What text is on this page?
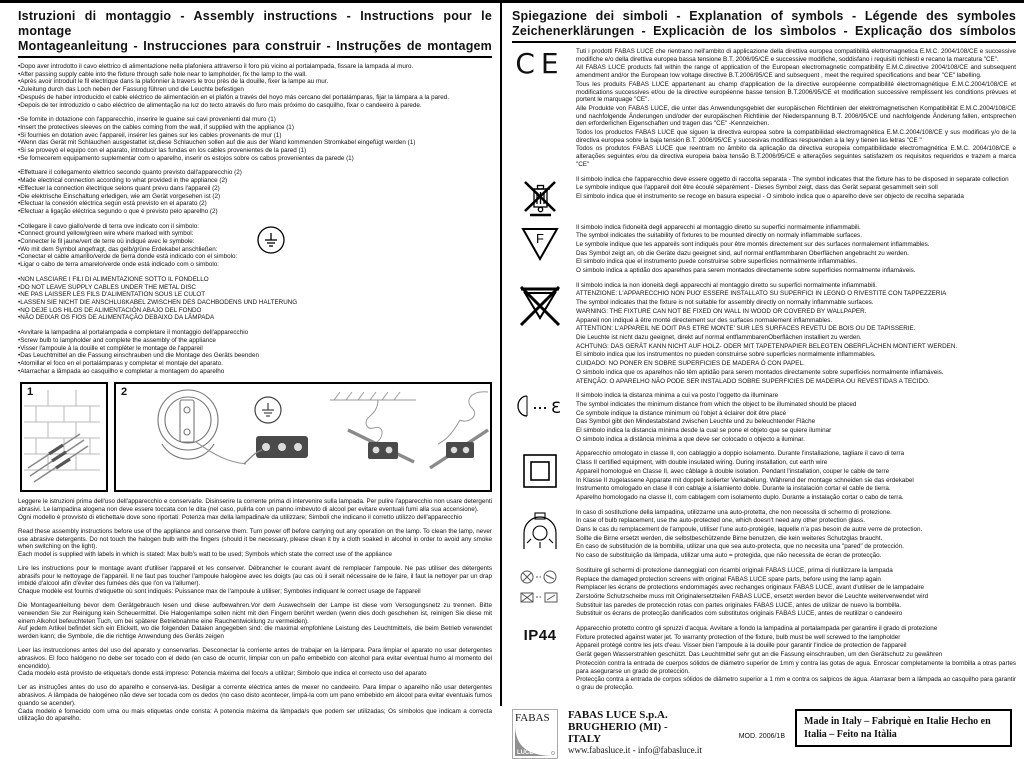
Istruzioni di montaggio - Assembly instructions - Instructions pour le montage
Montageanleitung - Instrucciones para construir - Instruções de montagem
•Dopo aver introdotto il cavo elettrico di alimentazione nella plafoniera attraverso il foro più vicino al portalampada, fissare la lampada al muro.
•After passing supply cable into the fixture through safe hole near to lampholder, fix the lamp to the wall.
•Après avoir introduit le fil electrique dans la plafonnier à travers le trou près de la douille, fixer la lampe au mur.
•Zuleitung durch das Loch neben der Fassung führen und die Leuchte befestigen
•Después de haber introducido el cable eléctrico de alimentación en el plafón a través del hoyo más cercano del portalámparas, fijar la lámpara a la pared.
•Depois de ter introduzido o cabo eléctrico de alimentação na luz do tecto através do furo mais próximo do casquilho, fixar o candeeiro à parede.
•Se fornite in dotazione con l'apparecchio, inserire le guaine sui cavi provenienti dal muro (1)
•Insert the protectives sleeves on the cables coming from the wall, if supplied with the appliance (1)
•Si fournies en dotation avec l'appareil, insérer les gaines sur les cables provenants de mur (1)
•Wenn das Gerät mit Schlauchen ausgestattet ist,diese Schlauchen sollen auf die aus der Wand kommenden Stromkabel eingefügt werden (1)
•Si se proveyó el equipo con el aparato, introducir las fundas en los cables provenientes de la pared (1)
•Se fornecerem equipamento suplementar com o aparelho, inserir os estojos sobre os cabos provenientes da parede (1)
•Effettuare il collegamento elettrico secondo quanto previsto dall'apparecchio (2)
•Made electrical connection according to what provided in the appliance (2)
•Effectuer la connection électrique selons quant prevu dans l'appareil (2)
•Die elektrische Einschaltung erledigen, wie am Gerät vorgesehen ist (2)
•Efectuar la conexión eléctrica según está previsto en el aparato (2)
•Efectuar a ligação eléctrica segundo o que é previsto pelo aparelho (2)
•Collegare il cavo giallo/verde di terra ove indicato con il simbolo:
•Connect ground yellow/green wire where marked with symbol:
•Connecter le fil jaune/vert de terre où indiqué avec le symbole:
•Wo mit dem Symbol angefragt, das gelb/grüne Erdekabel anschließen:
•Conectar el cable amarillo/verde de tierra donde está indicado con el simbolo:
•Ligar o cabo de terra amarelo/verde onde está indicado com o simbolo:
•NON LASCIARE I FILI DI ALIMENTAZIONE SOTTO IL FONDELLO
•DO NOT LEAVE SUPPLY CABLES UNDER THE METAL DISC
•NE PAS LAISSER LES FILS D'ALIMENTATION SOUS LE CULOT
•LASSEN SIE NICHT DIE ANSCHLUßKABEL ZWISCHEN DES DACHBODENS UND HALTERUNG
•NO DEJE LOS HILOS DE ALIMENTACIÓN ABAJO DEL FONDO
•NÃO DEIXAR OS FIOS DE ALIMENTAÇÃO DEBAIXO DA LÂMPADA
•Avvitare la lampadina al portalampada e completare il montaggio dell'apparecchio
•Screw bulb to lampholder and complete the assembly of the appliance
•Visser l'ampoule à la douille et compléter le montage de l'appareil
•Das Leuchtmittel an die Fassung einschrauben und die Montage des Geräts beenden
•Atornillar el foco en el portalámparas y completar el montaje del aparato.
•Atarrachar a lâmpada ao casquilho e completar a montagem do aparelho
1	2

Leggere le istruzioni prima dell'uso dell'apparecchio e conservarle. Disinserire la corrente prima di intervenire sulla lampada. Per pulire l'apparecchio non usare detergenti abrasivi. Le lampadina alogena non deve essere toccata con le dita (nel caso, pulirla con un panno imbevuto di alcool per evitare eventuali fumi alla sua accensione).
Ogni modello è provvisto di etichetta/e dove sono riportati: Potenza max della lampadina/e da utilizzare; Simboli che indicano il corretto utilizzo dell'apparecchio

Read these assembly instructions before use of the appliance and conserve them. Turn power off before carrying out any operation on the lamp. To clean the lamp, never use abrasive detergents. Do not touch the halogen bulb with the fingers (should it be necessary, please clean it by a cloth soaked in alcohol in order to avoid any smoke when switching on the light).
Each model is supplied with labels in which is stated: Max bulb's watt to be used; Symbols which state the correct use of the appliance

Lire les instructions pour le montage avant d'utiliser l'appareil et les conserver. Débrancher le courant avant de remplacer l'ampoule. Ne pas utiliser des détergents abrasifs pour le nettoyage de l'appareil. Il ne faut pas toucher l'ampoule halogène avec les doigts (au cas où il serait nécessaire de le faire, il faut la nettoyer par un drap imbidé d'alcool afin d'éviter des fumées dès que l'on va l'allumer).
Chaque modèle est fournis d'etiquette où sont indiqués: Puissance max de l'ampoule à utiliser; Symboles indiquant le correct usage de l'appareil

Die Montageanleitung bevor dem Gerätgebrauch lesen und diese aufbewahren.Vor dem Auswechseln der Lampe ist diese vom Versogungsnetz zu trennen. Bitte verwenden Sie zur Reinigung kein Scheuermittel. Die Halogenlampe sollen nicht mit den Fingern berührt werden (wenn dies doch geschehen ist, reinigen Sie diese mit einem Alkohol befeuchteten Tuch, um bei späterer Betriebnahme eine Rauchentwicklung zu vermeiden).
Auf jedem Artikel befindet sich ein Etickett, wo die folgenden Dataien angegeben sind: die maximal empfohlene Leistung des Leuchtmittels, die beim Betrieb verwendet werden kann; die Symbole, die die richtige Anwendung des Geräts zeigen

Leer las instrucciones antes del uso del aparato y conservarlas. Desconectar la corriente antes de trabajar en la lámpara. Para limpiar el aparato no usar detergentes abrasivos. El foco halógeno no debe ser tocado con el dedo (en caso de ocurrir, limpiar con un paño embebido con alcohol para evitar eventual humo al momento del encendido).
Cada modelo está provisto de etiqueta/s donde está impreso: Potencia máxima del foco/s a utilizar; Simbolo que indica el correcto uso del aparato

Ler as instruções antes do uso do aparelho e conservá-las. Desligar a corrente eléctrica antes de mexer no candeeiro. Para limpar o aparelho não usar detergentes abrasivos. A lâmpada de halogéneo não deve ser tocada com os dedos (no caso disto acontecer, limpá-la com um pano embebido em álcool para evitar eventuais fumos quando se acender).
Cada modelo é fornecido com uma ou mais etiquetas onde consta: A potencia máxima da lâmpada/s que podem ser utilizadas; Os símbolos que indicam a correcta utilização do aparelho.

Spiegazione dei simboli - Explanation of symbols - Légende des symboles
Zeichenerklärungen - Explicaciòn de los sìmbolos - Explicação dos símbolos
CE Tuti i prodotti FABAS LUCE che rientrano nell'ambito di applicazione della direttiva europea compatibilità elettromagnetica E.M.C. 2004/108/CE e successive modifiche e/o della direttiva europea bassa tensione B.T. 2006/95/CE e successive modifiche, soddisfano i requisiti richiesti e recano la marcatura "CE".
All FABAS LUCE products fall within the range of application of the European electromagnetic compatibility E.M.C.directive 2004/108/CE and subsequent amendment and/or the European low voltage directive B.T.2006/95/CE and subsequent , meet the required specifications and bear "CE" labelling.
Tous les produits FABAS LUCE appartenant au champ d'application de la directive européenne compatibilité électromagnétique E.M.C.2004/108/CE et modifications successives et/ou de la directive européenne basse tension B.T.2006/95/CE et modification successive remplissent les conditions prèvues et portent le marquage "CE".
Alle Produkte von FABAS LUCE, die unter das Anwendungsgebiet der europäischen Richtlinien der elektromagnetischen Kompatibilität E.M.C.2004/108/CE und nachfolgende Änderungen und/oder der europäischen Richtlinie der Niederspannung B.T. 2006/95/CE und nachfolgende Änderung fallen, entsprechen den erforderlichen Eigenschaften und tragen das "CE" -Kennzeichen.
Todos los productos FABAS LUCE que siguen la directiva europea sobre la compatibilidad electromagnética E.M.C.2004/108/CE y sus modificas y/o de la directiva europea sobre la baja tensión B.T. 2006/95/CE y succesivas modificas respuenden a la ley y tienen las letras "CE "
Todos os produtos FABAS LUCE que reentram no âmbito da aplicação da directiva europeia compatibilidade electromagnética E.M.C. 2004/108/CE e alterações seguintes e/ou da directiva europeia baixa tensão B.T.2006/95/CE e alterações seguintes satisfazem os requisitos requeridos e trazem a marca "CE"
Il simbolo indica che l'apparecchio deve essere oggetto di raccolta separata - The symbol indicates that the fixture has to be disposed in separate collection
Le symbole indique que l'appareil doit être écoulé séparément - Dieses Symbol zeigt, dass das Gerät separat gesammelt sein soll
El simbolo indica que el instrumento se recoge en basura especial - O simbolo indica que o aparelho deve ser objecto de recolha separada
F
Il simbolo indica l'idoneità degli apparecchi al montaggio diretto su superfici normalmente infiammabili.
The symbol indicates the suitability of fixtures to be mounted directly on normaly inflammable surfaces.
Le symbole indique que les appareils sont indiqués pour être montés directement sur des surfaces normalement inflammables.
Das Symbol zeigt an, ob die Geräte dazu geeignet sind, auf normal entflammbaren Oberflächen angebracht zu werden.
El simbolo indica que el instrumento puede construirse sobre superficies normalmente inflammables.
O simbolo indica a aptidão dos aparelhos para serem montados directamente sobre superficies normalmente inflamáveis.
Il simbolo indica la non idoneità degli apparecchi al montaggio diretto su superfici normalmente infiammabili.
ATTENZIONE: L'APPARECCHIO NON PUO' ESSERE INSTALLATO SU SUPERFICI IN LEGNO O RIVESTITE CON TAPPEZZERIA
The symbol indicates that the fixture is not suitable for assembly directly on normally inflammable surfaces.
WARNING: THE FIXTURE CAN NOT BE FIXED ON WALL IN WOOD OR COVERED BY WALLPAPER.
Appareil non indiqué à être monté directement sur des surfaces normalement inflammables.
ATTENTION: L'APPAREIL NE DOIT PAS ETRE MONTE' SUR LES SURFACES REVETU DE BOIS OU DE TAPISSERIE.
Die Leuchte ist nicht dazu geeignet, direkt auf normal entflammbarenOberflächen installiert zu werden.
ACHTUNG: DAS GERÄT KANN NICHT AUF HOLZ- ODER MIT TAPETENPAPIER BELEGTEN OBERFLÄCHEN MONTIERT WERDEN.
El simbolo indica que los instrumentos no pueden construirse sobre superficies normalmente inflammables.
CUIDADO: NO PONER EN SOBRE SUPERFICIES DE MADERA Ó CON PAPEL.
O simbolo indica que os aparelhos não têm aptidão para serem montados directamente sobre superficies normalmente inflamáveis.
ATENÇÃO: O APARELHO NÃO PODE SER INSTALADO SOBRE SUPERFICIES DE MADEIRA OU REVESTIDAS A TECIDO.
Ɛ
Il simbolo indica la distanza minima a cui va posto l'oggetto da illuminare
The symbol indicates the minimum distance from which the object to be illuminated should be placed
Ce symbole indique la distance minimum où l'objet à éclairer doit être placé
Das Symbol gibt den Mindestabstand zwischen Leuchte und zu beleuchtender Fläche
El simbolo indica la distancia mínima desde la cual se pone el objeto que se quiere iluminar
O simbolo indica a distância mínima a que deve ser colocado o objecto a iluminar.
Apparecchio omologato in classe II, con cablaggio a doppio isolamento. Durante l'installazione, tagliare il cavo di terra
Class II certified equipment, with double insulated wiring. During installation, cut earth wire
Appareil homologué en Classe II, avec câblage à double isolation. Pendant l'installation, couper le cable de terre
In Klasse II zugelassene Apparate mit doppelt isolierter Verkabelung. Während der montage schneiden sie das erdekabel
Instrumento omologado en clase II con cablaje a islamiento doble. Durante la instalación cortar el cable de tierra.
Aparelho homologado na classe II, com cablagem com isolamento duplo. Durante a instalação cortar o cabo de terra.
In caso di sostituzione della lampadina, utilizzarne una auto-protetta, che non necessita di schermo di protezione.
In case of bulb replacement, use the auto-protected one, which doesn't need any other protection glass.
Dans le cas du remplacement de l'ampoule, utiliser l'une auto-protégée, laquelle n'a pas besoin de autre verre de protection.
Sollte die Birne ersetzt werden, die selbstbeschützende Birne benutzen, die kein weiteres Schutzglas braucht.
En caso de substitución de la bombilla, utilizar una que sea auto-protecta, que no necesita una "pared" de protección.
No caso de substituição da lâmpada, utilizar uma auto = protegida, que não necessita de écran de protecção.
Sostituire gli schermi di protezione danneggiati con ricambi originali FABAS LUCE, prima di riutilizzare la lampada
Replace the damaged protection screens with original FABAS LUCE spare parts, before using the lamp again
Remplacer les écrans de protections endommagés avec rechanges originaux FABAS LUCE, avant d'utiliser de le lampadaire
Zerstoörte Schutzscheibe muss mit Originalersetzteilen FABAS LUCE, ersetzt werden bevor die Leuchte weiterverwendet wird
Substituir las paredes de protección rotas con partes originales FABAS LUCE, antes de utilizar de nuevo la bombilla.
Substituir os écrans de protecção danificados com substitutos originais FABAS LUCE, antes de reutilizar o candeeiro
IP44	Apparecchio protetto contro gli spruzzi d'acqua. Avvitare a fondo la lampadina al portalampada per garantire il grado di protezione
Fixture protected against water jet. To warranty protection of the fixture, bulb must be well screwed to the lampholder
Appareil protégé contre les jets d'eau. Visser bien l'ampoule à la douille pour garantir l'indice de protection de l'appareil
Gerät gegen Wasserstrahlen geschützt. Das Leuchtmittel sehr gut an die Fassung einschrauben, um den Gerätschutz zu gewähren
Protección contra la entrada de cuerpos sólidos de diámetro superior de 1mm y contra las gotas de agua. Enroscar completamente la bombilla a otras partes para asegurarse un grado de protección.
Protecção contra a entrada de corpos sólidos de diâmetro superior a 1 mm e contra os salpicos de água. Atarraxar bem a lâmpada ao casquilho para garantir o grau de protecção.
FABAS
LUCE
FABAS LUCE S.p.A.
BRUGHERIO (MI) - ITALY
www.fabasluce.it - info@fabasluce.it
MOD. 2006/1B
Made in Italy – Fabriquè en Italie Hecho en Italia – Feito na Itàlia
